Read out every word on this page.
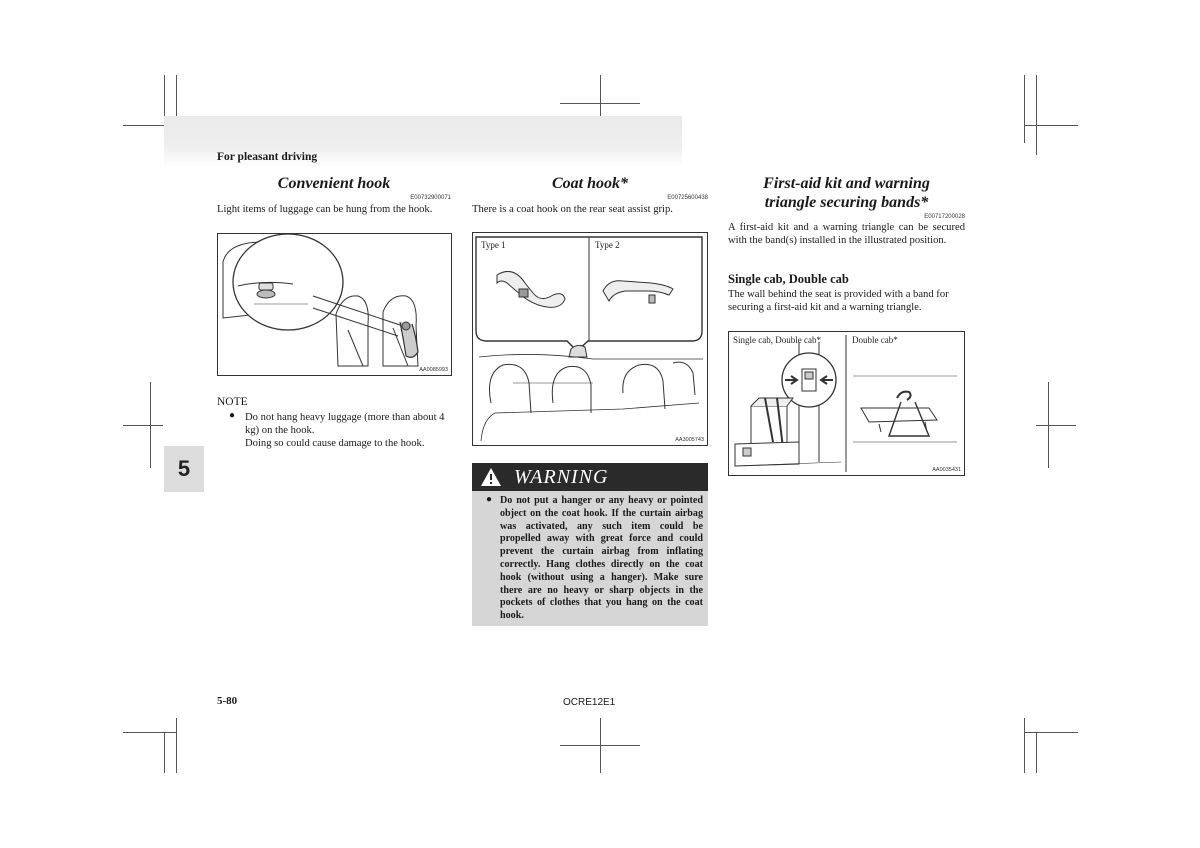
For pleasant driving
5
Convenient hook
E00732900071
Light items of luggage can be hung from the hook.
AA0085993
NOTE
● Do not hang heavy luggage (more than about 4 kg) on the hook.
Doing so could cause damage to the hook.
Coat hook*
E00725600438
There is a coat hook on the rear seat assist grip.
Type 1	Type 2
AA3005743
WARNING
● Do not put a hanger or any heavy or pointed object on the coat hook. If the curtain airbag was activated, any such item could be propelled away with great force and could prevent the curtain airbag from inflating correctly. Hang clothes directly on the coat hook (without using a hanger). Make sure there are no heavy or sharp objects in the pockets of clothes that you hang on the coat hook.
First-aid kit and warning
triangle securing bands*
E00717200028
A first-aid kit and a warning triangle can be secured with the band(s) installed in the illustrated position.
Single cab, Double cab
The wall behind the seat is provided with a band for securing a first-aid kit and a warning triangle.
Single cab, Double cab*	Double cab*
AA0035431
5-80	OCRE12E1
